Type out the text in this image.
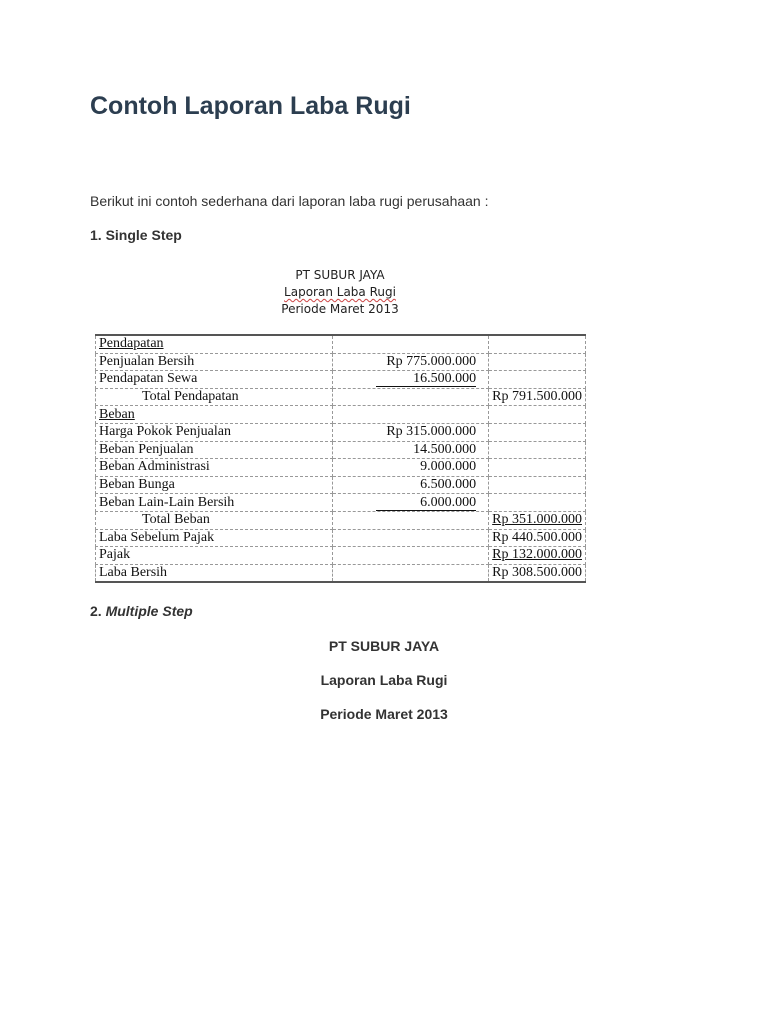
Contoh Laporan Laba Rugi
Berikut ini contoh sederhana dari laporan laba rugi perusahaan :
1. Single Step
PT SUBUR JAYA
Laporan Laba Rugi
Periode Maret 2013
Pendapatan		
Penjualan Bersih	Rp 775.000.000	
Pendapatan Sewa	16.500.000	
Total Pendapatan		Rp 791.500.000
Beban		
Harga Pokok Penjualan	Rp 315.000.000	
Beban Penjualan	14.500.000	
Beban Administrasi	9.000.000	
Beban Bunga	6.500.000	
Beban Lain-Lain Bersih	6.000.000	
Total Beban		Rp 351.000.000
Laba Sebelum Pajak		Rp 440.500.000
Pajak		Rp 132.000.000
Laba Bersih		Rp 308.500.000
2. Multiple Step
PT SUBUR JAYA
Laporan Laba Rugi
Periode Maret 2013
